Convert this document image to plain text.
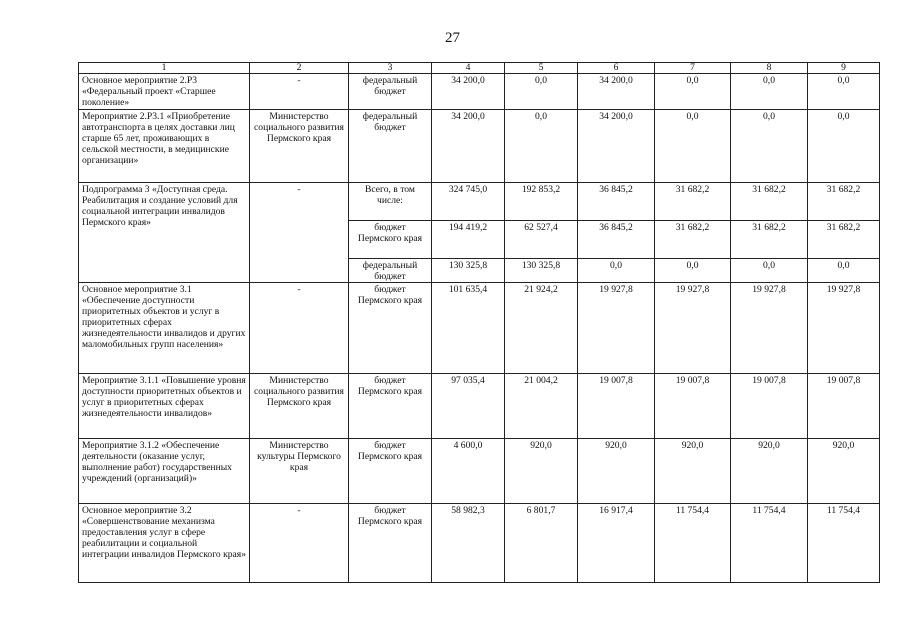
27
1	2	3	4	5	6	7	8	9
Основное мероприятие 2.Р3 «Федеральный проект «Старшее поколение»	-	федеральный бюджет	34 200,0	0,0	34 200,0	0,0	0,0	0,0
Мероприятие 2.Р3.1 «Приобретение автотранспорта в целях доставки лиц старше 65 лет, проживающих в сельской местности, в медицинские организации»	Министерство социального развития Пермского края	федеральный бюджет	34 200,0	0,0	34 200,0	0,0	0,0	0,0
Подпрограмма 3 «Доступная среда. Реабилитация и создание условий для социальной интеграции инвалидов Пермского края»	-	Всего, в том числе:	324 745,0	192 853,2	36 845,2	31 682,2	31 682,2	31 682,2
		бюджет Пермского края	194 419,2	62 527,4	36 845,2	31 682,2	31 682,2	31 682,2
		федеральный бюджет	130 325,8	130 325,8	0,0	0,0	0,0	0,0
Основное мероприятие 3.1 «Обеспечение доступности приоритетных объектов и услуг в приоритетных сферах жизнедеятельности инвалидов и других маломобильных групп населения»	-	бюджет Пермского края	101 635,4	21 924,2	19 927,8	19 927,8	19 927,8	19 927,8
Мероприятие 3.1.1 «Повышение уровня доступности приоритетных объектов и услуг в приоритетных сферах жизнедеятельности инвалидов»	Министерство социального развития Пермского края	бюджет Пермского края	97 035,4	21 004,2	19 007,8	19 007,8	19 007,8	19 007,8
Мероприятие 3.1.2 «Обеспечение деятельности (оказание услуг, выполнение работ) государственных учреждений (организаций)»	Министерство культуры Пермского края	бюджет Пермского края	4 600,0	920,0	920,0	920,0	920,0	920,0
Основное мероприятие 3.2 «Совершенствование механизма предоставления услуг в сфере реабилитации и социальной интеграции инвалидов Пермского края»	-	бюджет Пермского края	58 982,3	6 801,7	16 917,4	11 754,4	11 754,4	11 754,4
